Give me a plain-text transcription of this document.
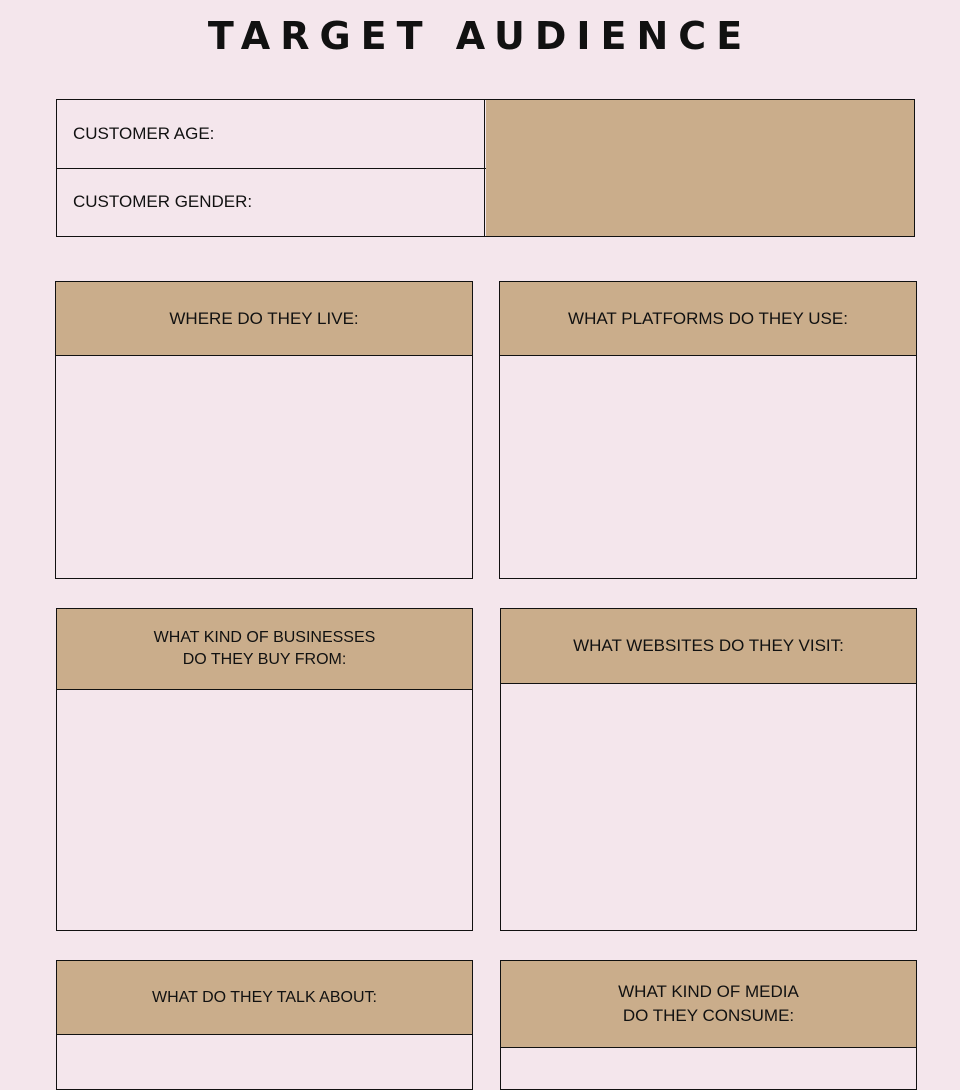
TARGET AUDIENCE
CUSTOMER AGE:
CUSTOMER GENDER:
WHERE DO THEY LIVE:	WHAT PLATFORMS DO THEY USE:
WHAT KIND OF BUSINESSES
DO THEY BUY FROM:
WHAT WEBSITES DO THEY VISIT:
WHAT DO THEY TALK ABOUT:	WHAT KIND OF MEDIA
DO THEY CONSUME:
